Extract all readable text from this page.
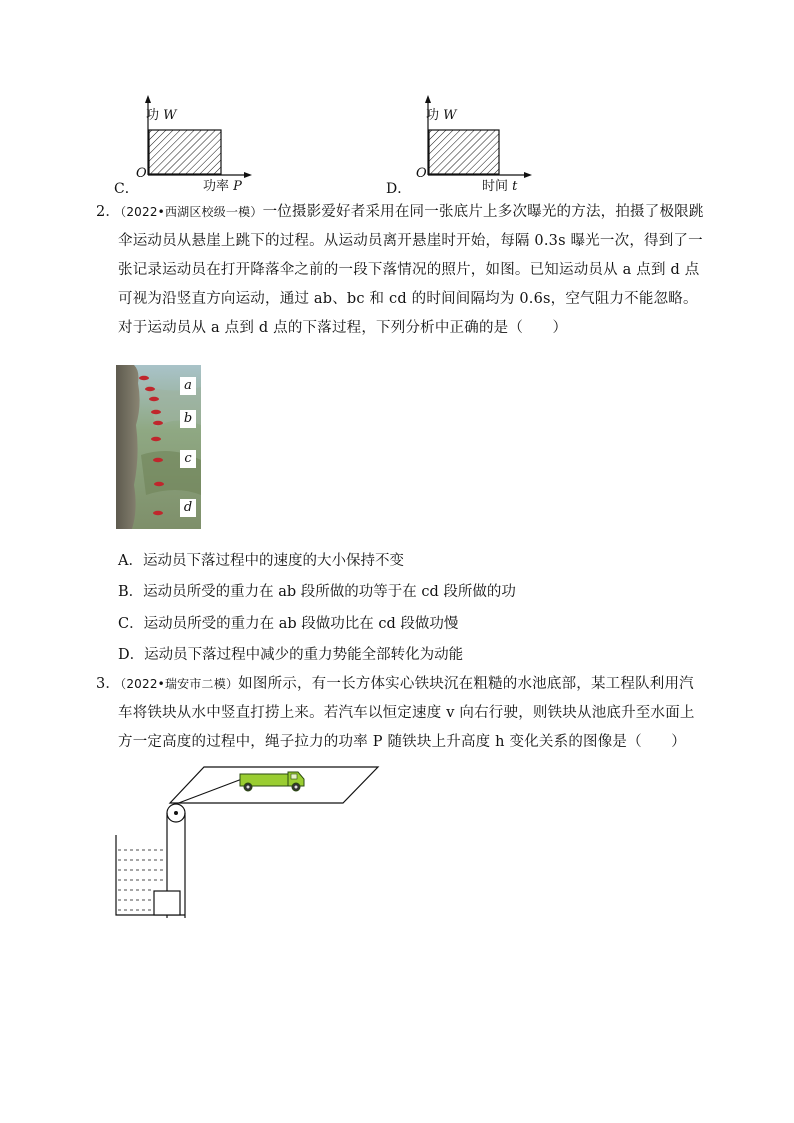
C．
功 W
O
功率 P	D．
功 W
O
时间 t
2．（2022•西湖区校级一模）一位摄影爱好者采用在同一张底片上多次曝光的方法，拍摄了极限跳伞运动员从悬崖上跳下的过程。从运动员离开悬崖时开始，每隔 0.3s 曝光一次，得到了一张记录运动员在打开降落伞之前的一段下落情况的照片，如图。已知运动员从 a 点到 d 点可视为沿竖直方向运动，通过 ab、bc 和 cd 的时间间隔均为 0.6s，空气阻力不能忽略。对于运动员从 a 点到 d 点的下落过程，下列分析中正确的是（　　）
a
b
c
d
A．运动员下落过程中的速度的大小保持不变
B．运动员所受的重力在 ab 段所做的功等于在 cd 段所做的功
C．运动员所受的重力在 ab 段做功比在 cd 段做功慢
D．运动员下落过程中减少的重力势能全部转化为动能
3．（2022•瑞安市二模）如图所示，有一长方体实心铁块沉在粗糙的水池底部，某工程队利用汽车将铁块从水中竖直打捞上来。若汽车以恒定速度 v 向右行驶，则铁块从池底升至水面上方一定高度的过程中，绳子拉力的功率 P 随铁块上升高度 h 变化关系的图像是（　　）
